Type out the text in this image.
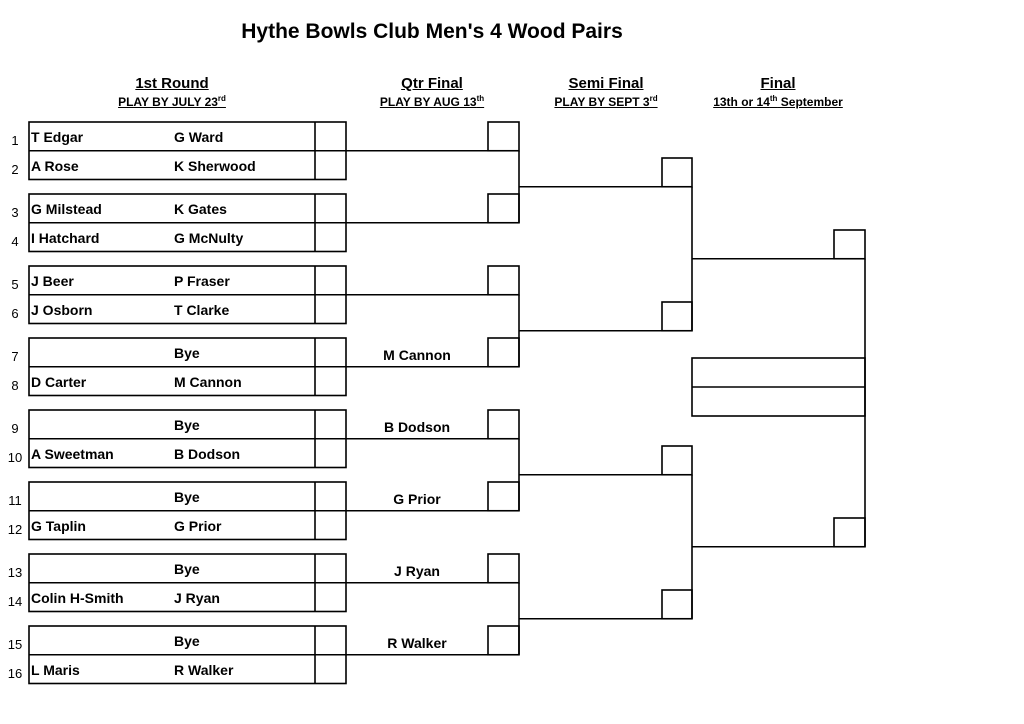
Hythe Bowls Club Men's 4 Wood Pairs
1st Round
PLAY BY JULY 23rd
Qtr Final
PLAY BY AUG 13th
Semi Final
PLAY BY SEPT 3rd
Final
13th or 14th September
1 T Edgar	G Ward
2 A Rose	K Sherwood
3 G Milstead	K Gates
4 I Hatchard	G McNulty
5 J Beer	P Fraser
6 J Osborn	T Clarke
7	Bye
8 D Carter	M Cannon
9	Bye
10 A Sweetman	B Dodson
11	Bye
12 G Taplin	G Prior
13	Bye
14 Colin H-Smith	J Ryan
15	Bye
16 L Maris	R Walker
M Cannon
B Dodson
G Prior
J Ryan
R Walker
